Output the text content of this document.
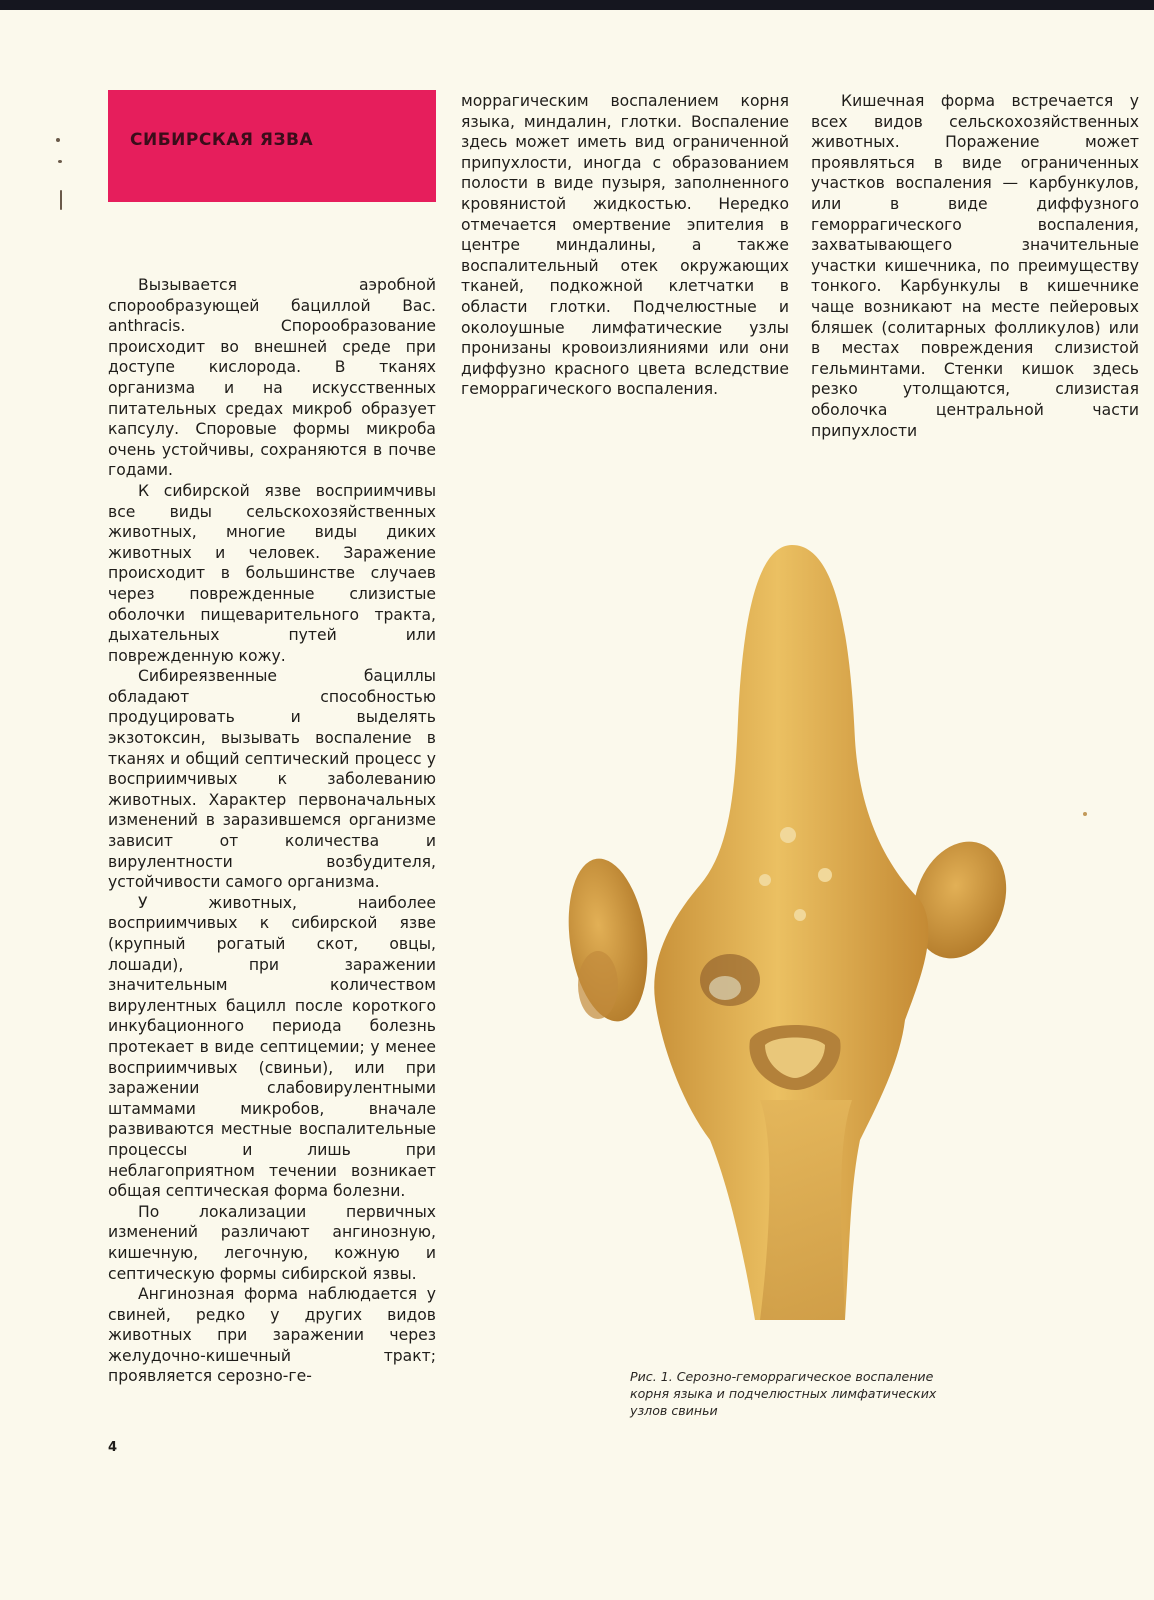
СИБИРСКАЯ ЯЗВА

Вызывается аэробной спорообразующей бациллой Вас. anthracis. Спорообразование происходит во внешней среде при доступе кислорода. В тканях организма и на искусственных питательных средах микроб образует капсулу. Споровые формы микроба очень устойчивы, сохраняются в почве годами.

К сибирской язве восприимчивы все виды сельскохозяйственных животных, многие виды диких животных и человек. Заражение происходит в большинстве случаев через поврежденные слизистые оболочки пищеварительного тракта, дыхательных путей или поврежденную кожу.

Сибиреязвенные бациллы обладают способностью продуцировать и выделять экзотоксин, вызывать воспаление в тканях и общий септический процесс у восприимчивых к заболеванию животных. Характер первоначальных изменений в заразившемся организме зависит от количества и вирулентности возбудителя, устойчивости самого организма.

У животных, наиболее восприимчивых к сибирской язве (крупный рогатый скот, овцы, лошади), при заражении значительным количеством вирулентных бацилл после короткого инкубационного периода болезнь протекает в виде септицемии; у менее восприимчивых (свиньи), или при заражении слабовирулентными штаммами микробов, вначале развиваются местные воспалительные процессы и лишь при неблагоприятном течении возникает общая септическая форма болезни.

По локализации первичных изменений различают ангинозную, кишечную, легочную, кожную и септическую формы сибирской язвы.

Ангинозная форма наблюдается у свиней, редко у других видов животных при заражении через желудочно-кишечный тракт; проявляется серозно-ге-

моррагическим воспалением корня языка, миндалин, глотки. Воспаление здесь может иметь вид ограниченной припухлости, иногда с образованием полости в виде пузыря, заполненного кровянистой жидкостью. Нередко отмечается омертвение эпителия в центре миндалины, а также воспалительный отек окружающих тканей, подкожной клетчатки в области глотки. Подчелюстные и околоушные лимфатические узлы пронизаны кровоизлияниями или они диффузно красного цвета вследствие геморрагического воспаления.

Кишечная форма встречается у всех видов сельскохозяйственных животных. Поражение может проявляться в виде ограниченных участков воспаления — карбункулов, или в виде диффузного геморрагического воспаления, захватывающего значительные участки кишечника, по преимуществу тонкого. Карбункулы в кишечнике чаще возникают на месте пейеровых бляшек (солитарных фолликулов) или в местах повреждения слизистой гельминтами. Стенки кишок здесь резко утолщаются, слизистая оболочка центральной части припухлости

Рис. 1. Серозно-геморрагическое воспаление корня языка и подчелюстных лимфатических узлов свиньи
4
